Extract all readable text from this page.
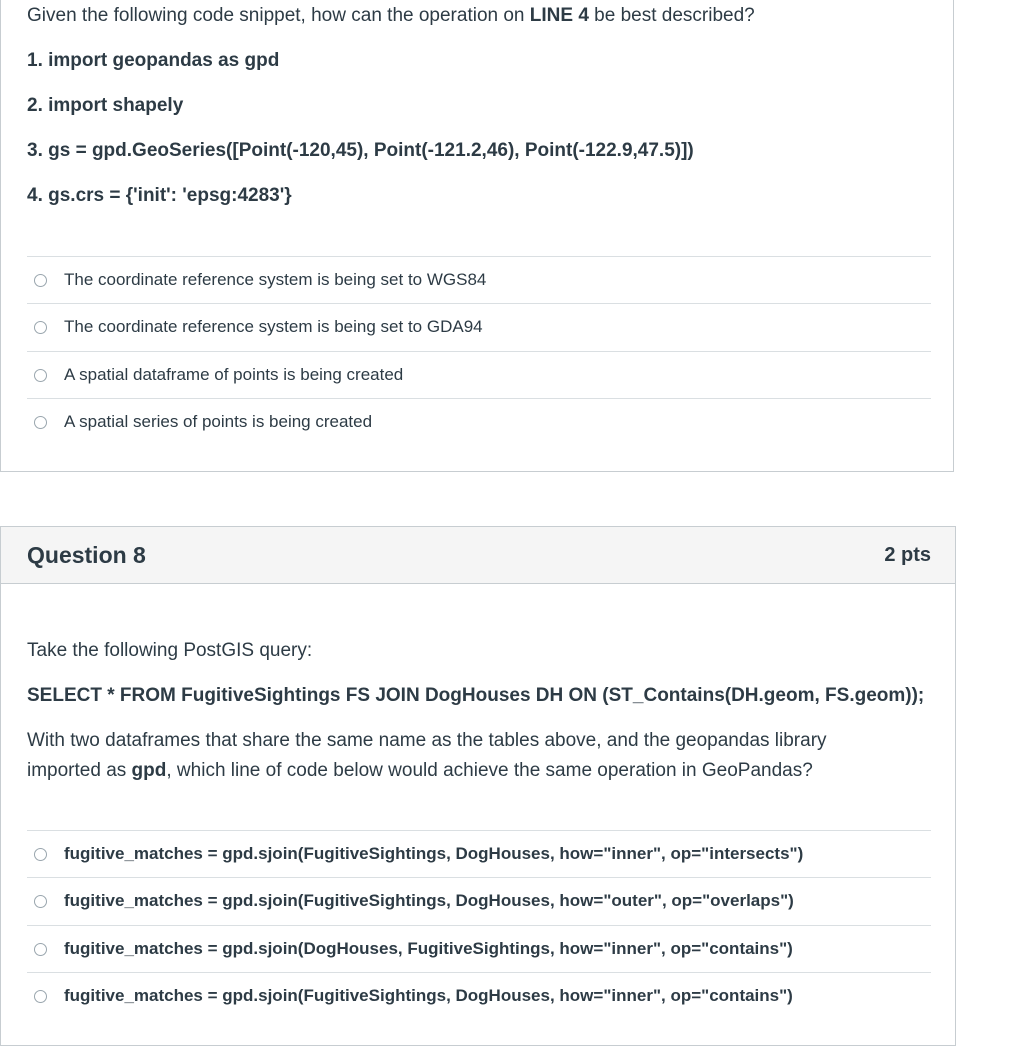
Given the following code snippet, how can the operation on LINE 4 be best described?
1. import geopandas as gpd
2. import shapely
3. gs = gpd.GeoSeries([Point(-120,45), Point(-121.2,46), Point(-122.9,47.5)])
4. gs.crs = {'init': 'epsg:4283'}
The coordinate reference system is being set to WGS84
The coordinate reference system is being set to GDA94
A spatial dataframe of points is being created
A spatial series of points is being created
Question 8	2 pts
Take the following PostGIS query:
SELECT * FROM FugitiveSightings FS JOIN DogHouses DH ON (ST_Contains(DH.geom, FS.geom));
With two dataframes that share the same name as the tables above, and the geopandas library
imported as gpd, which line of code below would achieve the same operation in GeoPandas?
fugitive_matches = gpd.sjoin(FugitiveSightings, DogHouses, how="inner", op="intersects")
fugitive_matches = gpd.sjoin(FugitiveSightings, DogHouses, how="outer", op="overlaps")
fugitive_matches = gpd.sjoin(DogHouses, FugitiveSightings, how="inner", op="contains")
fugitive_matches = gpd.sjoin(FugitiveSightings, DogHouses, how="inner", op="contains")
